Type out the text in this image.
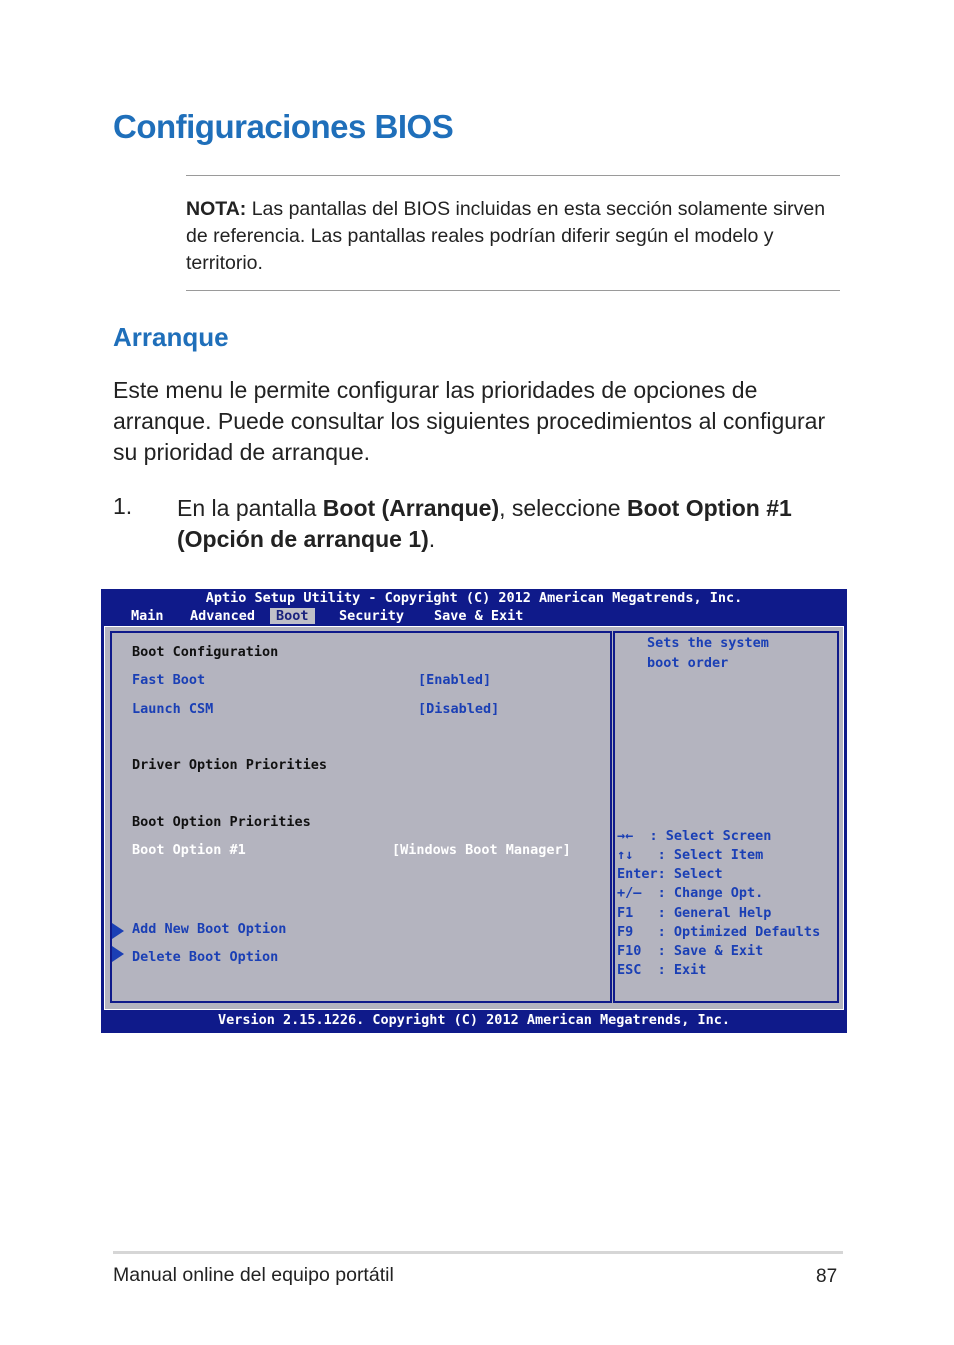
Configuraciones BIOS
NOTA: Las pantallas del BIOS incluidas en esta sección solamente sirven de referencia. Las pantallas reales podrían diferir según el modelo y territorio.
Arranque
Este menu le permite configurar las prioridades de opciones de arranque. Puede consultar los siguientes procedimientos al configurar su prioridad de arranque.
1. En la pantalla Boot (Arranque), seleccione Boot Option #1 (Opción de arranque 1).
Aptio Setup Utility - Copyright (C) 2012 American Megatrends, Inc.
Main Advanced	Boot	Security Save & Exit
Boot Configuration
Fast Boot	[Enabled]
Launch CSM	[Disabled]
Driver Option Priorities
Boot Option Priorities
Boot Option #1	[Windows Boot Manager]
Add New Boot Option
Delete Boot Option
Sets the system
boot order
→←  : Select Screen
↑↓   : Select Item
Enter: Select
+/—  : Change Opt.
F1   : General Help
F9   : Optimized Defaults
F10  : Save & Exit
ESC  : Exit
Version 2.15.1226. Copyright (C) 2012 American Megatrends, Inc.
Manual online del equipo portátil	87
